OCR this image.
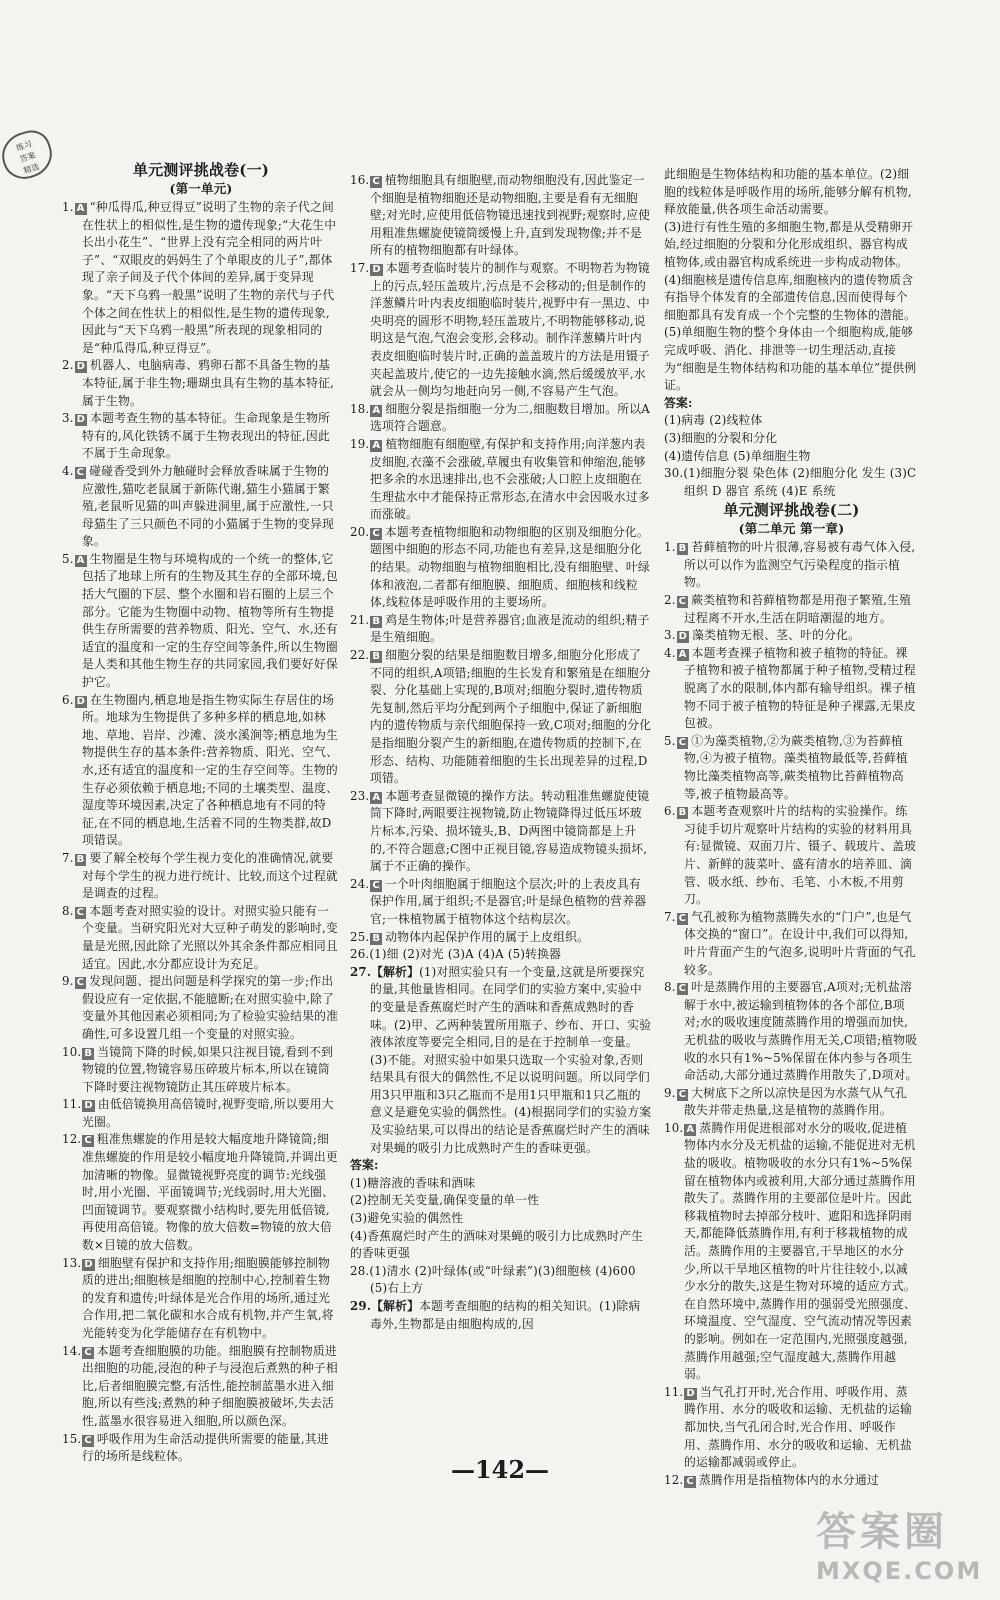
练习
答案
精选	单元测评挑战卷(一)

(第一单元)

1. A “种瓜得瓜,种豆得豆”说明了生物的亲子代之间在性状上的相似性,是生物的遗传现象;“大花生中长出小花生”、“世界上没有完全相同的两片叶子”、“双眼皮的妈妈生了个单眼皮的儿子”,都体现了亲子间及子代个体间的差异,属于变异现象。“天下乌鸦一般黑”说明了生物的亲代与子代个体之间在性状上的相似性,是生物的遗传现象,因此与“天下乌鸦一般黑”所表现的现象相同的是“种瓜得瓜,种豆得豆”。

2. D 机器人、电脑病毒、鸦卵石都不具备生物的基本特征,属于非生物;珊瑚虫具有生物的基本特征,属于生物。

3. D 本题考查生物的基本特征。生命现象是生物所特有的,风化铁锈不属于生物表现出的特征,因此不属于生命现象。

4. C 碰碰香受到外力触碰时会释放香味属于生物的应激性,猫吃老鼠属于新陈代谢,猫生小猫属于繁殖,老鼠听见猫的叫声躲进洞里,属于应激性,一只母猫生了三只颜色不同的小猫属于生物的变异现象。

5. A 生物圈是生物与环境构成的一个统一的整体,它包括了地球上所有的生物及其生存的全部环境,包括大气圈的下层、整个水圈和岩石圈的上层三个部分。它能为生物圈中动物、植物等所有生物提供生存所需要的营养物质、阳光、空气、水,还有适宜的温度和一定的生存空间等条件,所以生物圈是人类和其他生物生存的共同家园,我们要好好保护它。

6. D 在生物圈内,栖息地是指生物实际生存居住的场所。地球为生物提供了多种多样的栖息地,如林地、草地、岩岸、沙滩、淡水溪涧等;栖息地为生物提供生存的基本条件:营养物质、阳光、空气、水,还有适宜的温度和一定的生存空间等。生物的生存必须依赖于栖息地;不同的土壤类型、温度、湿度等环境因素,决定了各种栖息地有不同的特征,在不同的栖息地,生活着不同的生物类群,故D项错误。

7. B 要了解全校每个学生视力变化的准确情况,就要对每个学生的视力进行统计、比较,而这个过程就是调查的过程。

8. C 本题考查对照实验的设计。对照实验只能有一个变量。当研究阳光对大豆种子萌发的影响时,变量是光照,因此除了光照以外其余条件都应相同且适宜。因此,水分都应设计为充足。

9. C 发现问题、提出问题是科学探究的第一步;作出假设应有一定依据,不能臆断;在对照实验中,除了变量外其他因素必须相同;为了检验实验结果的准确性,可多设置几组一个变量的对照实验。

10. B 当镜筒下降的时候,如果只注视目镜,看到不到物镜的位置,物镜容易压碎玻片标本,所以在镜筒下降时要注视物镜防止其压碎玻片标本。

11. D 由低倍镜换用高倍镜时,视野变暗,所以要用大光圈。

12. C 粗准焦螺旋的作用是较大幅度地升降镜筒;细准焦螺旋的作用是较小幅度地升降镜筒,并调出更加清晰的物像。显微镜视野亮度的调节:光线强时,用小光圈、平面镜调节;光线弱时,用大光圈、凹面镜调节。要观察微小结构时,要先用低倍镜,再使用高倍镜。物像的放大倍数=物镜的放大倍数×目镜的放大倍数。

13. D 细胞壁有保护和支持作用;细胞膜能够控制物质的进出;细胞核是细胞的控制中心,控制着生物的发育和遗传;叶绿体是光合作用的场所,通过光合作用,把二氧化碳和水合成有机物,并产生氧,将光能转变为化学能储存在有机物中。

14. C 本题考查细胞膜的功能。细胞膜有控制物质进出细胞的功能,浸泡的种子与浸泡后煮熟的种子相比,后者细胞膜完整,有活性,能控制蓝墨水进入细胞,所以有些浅;煮熟的种子细胞膜被破坏,失去活性,蓝墨水很容易进入细胞,所以颜色深。

15. C 呼吸作用为生命活动提供所需要的能量,其进行的场所是线粒体。

16. C 植物细胞具有细胞壁,而动物细胞没有,因此鉴定一个细胞是植物细胞还是动物细胞,主要是看有无细胞壁;对光时,应使用低倍物镜迅速找到视野;观察时,应使用粗准焦螺旋使镜筒缓慢上升,直到发现物像;并不是所有的植物细胞都有叶绿体。

17. D 本题考查临时装片的制作与观察。不明物若为物镜上的污点,轻压盖玻片,污点是不会移动的;但是制作的洋葱鳞片叶内表皮细胞临时装片,视野中有一黑边、中央明亮的圆形不明物,轻压盖玻片,不明物能够移动,说明这是气泡,气泡会变形,会移动。制作洋葱鳞片叶内表皮细胞临时装片时,正确的盖盖玻片的方法是用镊子夹起盖玻片,使它的一边先接触水滴,然后缓缓放平,水就会从一侧均匀地赶向另一侧,不容易产生气泡。

18. A 细胞分裂是指细胞一分为二,细胞数目增加。所以A选项符合题意。

19. A 植物细胞有细胞壁,有保护和支持作用;向洋葱内表皮细胞,衣藻不会涨破,草履虫有收集管和伸缩泡,能够把多余的水迅速排出,也不会涨破;人口腔上皮细胞在生理盐水中才能保持正常形态,在清水中会因吸水过多而涨破。

20. C 本题考查植物细胞和动物细胞的区别及细胞分化。题图中细胞的形态不同,功能也有差异,这是细胞分化的结果。动物细胞与植物细胞相比,没有细胞壁、叶绿体和液泡,二者都有细胞膜、细胞质、细胞核和线粒体,线粒体是呼吸作用的主要场所。

21. B 鸡是生物体;叶是营养器官;血液是流动的组织;精子是生殖细胞。

22. B 细胞分裂的结果是细胞数目增多,细胞分化形成了不同的组织,A项错;细胞的生长发育和繁殖是在细胞分裂、分化基础上实现的,B项对;细胞分裂时,遗传物质先复制,然后平均分配到两个子细胞中,保证了新细胞内的遗传物质与亲代细胞保持一致,C项对;细胞的分化是指细胞分裂产生的新细胞,在遗传物质的控制下,在形态、结构、功能随着细胞的生长出现差异的过程,D项错。

23. A 本题考查显微镜的操作方法。转动粗准焦螺旋使镜筒下降时,两眼要注视物镜,防止物镜降得过低压坏玻片标本,污染、损坏镜头,B、D两图中镜筒都是上升的,不符合题意;C图中正视目镜,容易造成物镜头损坏,属于不正确的操作。

24. C 一个叶肉细胞属于细胞这个层次;叶的上表皮具有保护作用,属于组织;不是器官;叶是绿色植物的营养器官;一株植物属于植物体这个结构层次。

25. B 动物体内起保护作用的属于上皮组织。

26.(1)细 (2)对光 (3)A (4)A (5)转换器

27.【解析】(1)对照实验只有一个变量,这就是所要探究的量,其他量皆相同。在同学们的实验方案中,实验中的变量是香蕉腐烂时产生的酒味和香蕉成熟时的香味。(2)甲、乙两种装置所用瓶子、纱布、开口、实验液体浓度等要完全相同,目的是在于控制单一变量。(3)不能。对照实验中如果只选取一个实验对象,否则结果具有很大的偶然性,不足以说明问题。所以同学们用3只甲瓶和3只乙瓶而不是用1只甲瓶和1只乙瓶的意义是避免实验的偶然性。(4)根据同学们的实验方案及实验结果,可以得出的结论是香蕉腐烂时产生的酒味对果蝇的吸引力比成熟时产生的香味更强。

答案:

(1)糖溶液的香味和酒味

(2)控制无关变量,确保变量的单一性

(3)避免实验的偶然性

(4)香蕉腐烂时产生的酒味对果蝇的吸引力比成熟时产生的香味更强

28.(1)清水 (2)叶绿体(或“叶绿素”)(3)细胞核 (4)600 (5)右上方

29.【解析】本题考查细胞的结构的相关知识。(1)除病毒外,生物都是由细胞构成的,因

此细胞是生物体结构和功能的基本单位。(2)细胞的线粒体是呼吸作用的场所,能够分解有机物,释放能量,供各项生命活动需要。

(3)进行有性生殖的多细胞生物,都是从受精卵开始,经过细胞的分裂和分化形成组织、器官构成植物体,或由器官构成系统进一步构成动物体。

(4)细胞核是遗传信息库,细胞核内的遗传物质含有指导个体发育的全部遗传信息,因而使得每个细胞都具有发育成一个个完整的生物体的潜能。

(5)单细胞生物的整个身体由一个细胞构成,能够完成呼吸、消化、排泄等一切生理活动,直接为“细胞是生物体结构和功能的基本单位”提供例证。

答案:

(1)病毒 (2)线粒体

(3)细胞的分裂和分化

(4)遗传信息 (5)单细胞生物

30.(1)细胞分裂 染色体 (2)细胞分化 发生 (3)C 组织 D 器官 系统 (4)E 系统

单元测评挑战卷(二)

(第二单元 第一章)

1. B 苔藓植物的叶片很薄,容易被有毒气体入侵,所以可以作为监测空气污染程度的指示植物。

2. C 蕨类植物和苔藓植物都是用孢子繁殖,生殖过程离不开水,生活在阴暗潮湿的地方。

3. D 藻类植物无根、茎、叶的分化。

4. A 本题考查裸子植物和被子植物的特征。裸子植物和被子植物都属于种子植物,受精过程脱离了水的限制,体内都有输导组织。裸子植物不同于被子植物的特征是种子裸露,无果皮包被。

5. C ①为藻类植物,②为蕨类植物,③为苔藓植物,④为被子植物。藻类植物最低等,苔藓植物比藻类植物高等,蕨类植物比苔藓植物高等,被子植物最高等。

6. B 本题考查观察叶片的结构的实验操作。练习徒手切片观察叶片结构的实验的材料用具有:显微镜、双面刀片、镊子、载玻片、盖玻片、新鲜的菠菜叶、盛有清水的培养皿、滴管、吸水纸、纱布、毛笔、小木板,不用剪刀。

7. C 气孔被称为植物蒸腾失水的“门户”,也是气体交换的“窗口”。在设计中,我们可以得知,叶片背面产生的气泡多,说明叶片背面的气孔较多。

8. C 叶是蒸腾作用的主要器官,A项对;无机盐溶解于水中,被运输到植物体的各个部位,B项对;水的吸收速度随蒸腾作用的增强而加快,无机盐的吸收与蒸腾作用无关,C项错;植物吸收的水只有1%~5%保留在体内参与各项生命活动,大部分通过蒸腾作用散失了,D项对。

9. C 大树底下之所以凉快是因为水蒸气从气孔散失并带走热量,这是植物的蒸腾作用。

10. A 蒸腾作用促进根部对水分的吸收,促进植物体内水分及无机盐的运输,不能促进对无机盐的吸收。植物吸收的水分只有1%~5%保留在植物体内或被利用,大部分通过蒸腾作用散失了。蒸腾作用的主要部位是叶片。因此移栽植物时去掉部分枝叶、遮阳和选择阴雨天,都能降低蒸腾作用,有利于移栽植物的成活。蒸腾作用的主要器官,干旱地区的水分少,所以干旱地区植物的叶片往往较小,以减少水分的散失,这是生物对环境的适应方式。在自然环境中,蒸腾作用的强弱受光照强度、环境温度、空气湿度、空气流动情况等因素的影响。例如在一定范围内,光照强度越强,蒸腾作用越强;空气湿度越大,蒸腾作用越弱。

11. D 当气孔打开时,光合作用、呼吸作用、蒸腾作用、水分的吸收和运输、无机盐的运输都加快,当气孔闭合时,光合作用、呼吸作用、蒸腾作用、水分的吸收和运输、无机盐的运输都减弱或停止。

12. C 蒸腾作用是指植物体内的水分通过

—142—
答案圈
MXQE.COM
